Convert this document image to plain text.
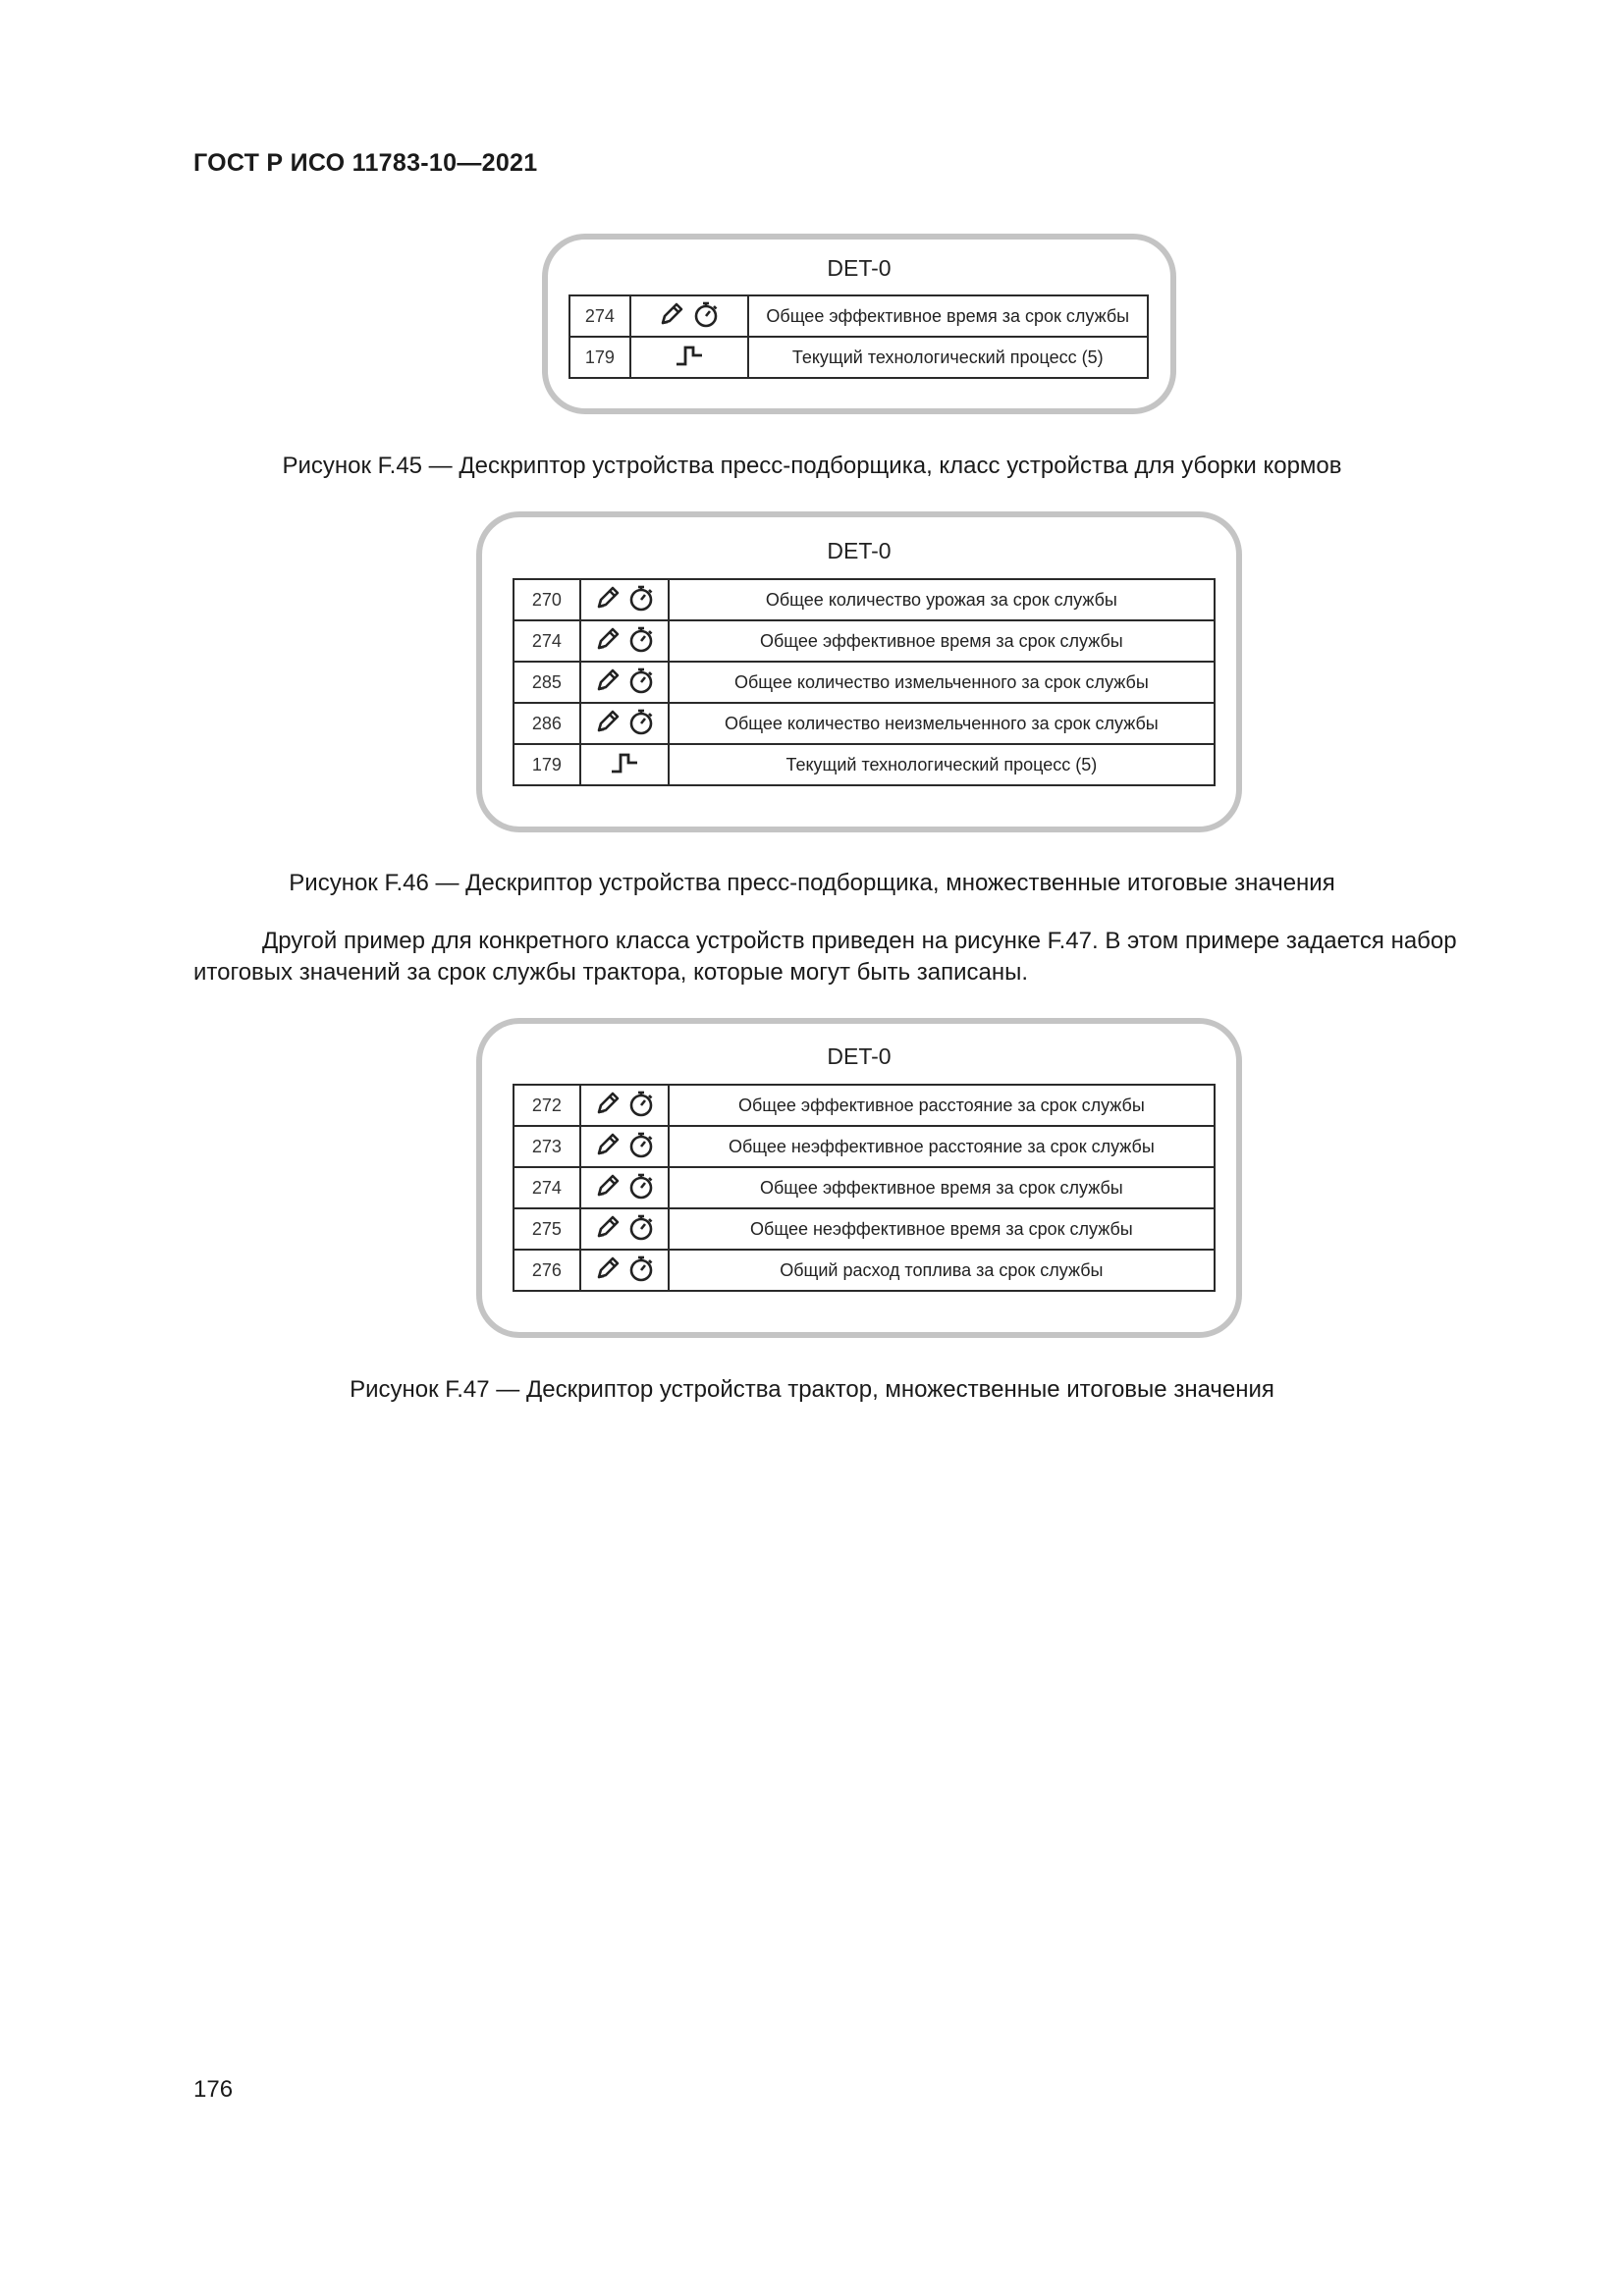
ГОСТ Р ИСО 11783-10—2021
DET-0
274		Общее эффективное время за срок службы
179		Текущий технологический процесс (5)
Рисунок F.45 — Дескриптор устройства пресс-подборщика, класс устройства для уборки кормов
DET-0
270		Общее количество урожая за срок службы
274		Общее эффективное время за срок службы
285		Общее количество измельченного за срок службы
286		Общее количество неизмельченного за срок службы
179		Текущий технологический процесс (5)
Рисунок F.46 — Дескриптор устройства пресс-подборщика, множественные итоговые значения
Другой пример для конкретного класса устройств приведен на рисунке F.47. В этом примере задается набор итоговых значений за срок службы трактора, которые могут быть записаны.
DET-0
272		Общее эффективное расстояние за срок службы
273		Общее неэффективное расстояние за срок службы
274		Общее эффективное время за срок службы
275		Общее неэффективное время за срок службы
276		Общий расход топлива за срок службы
Рисунок F.47 — Дескриптор устройства трактор, множественные итоговые значения
176
